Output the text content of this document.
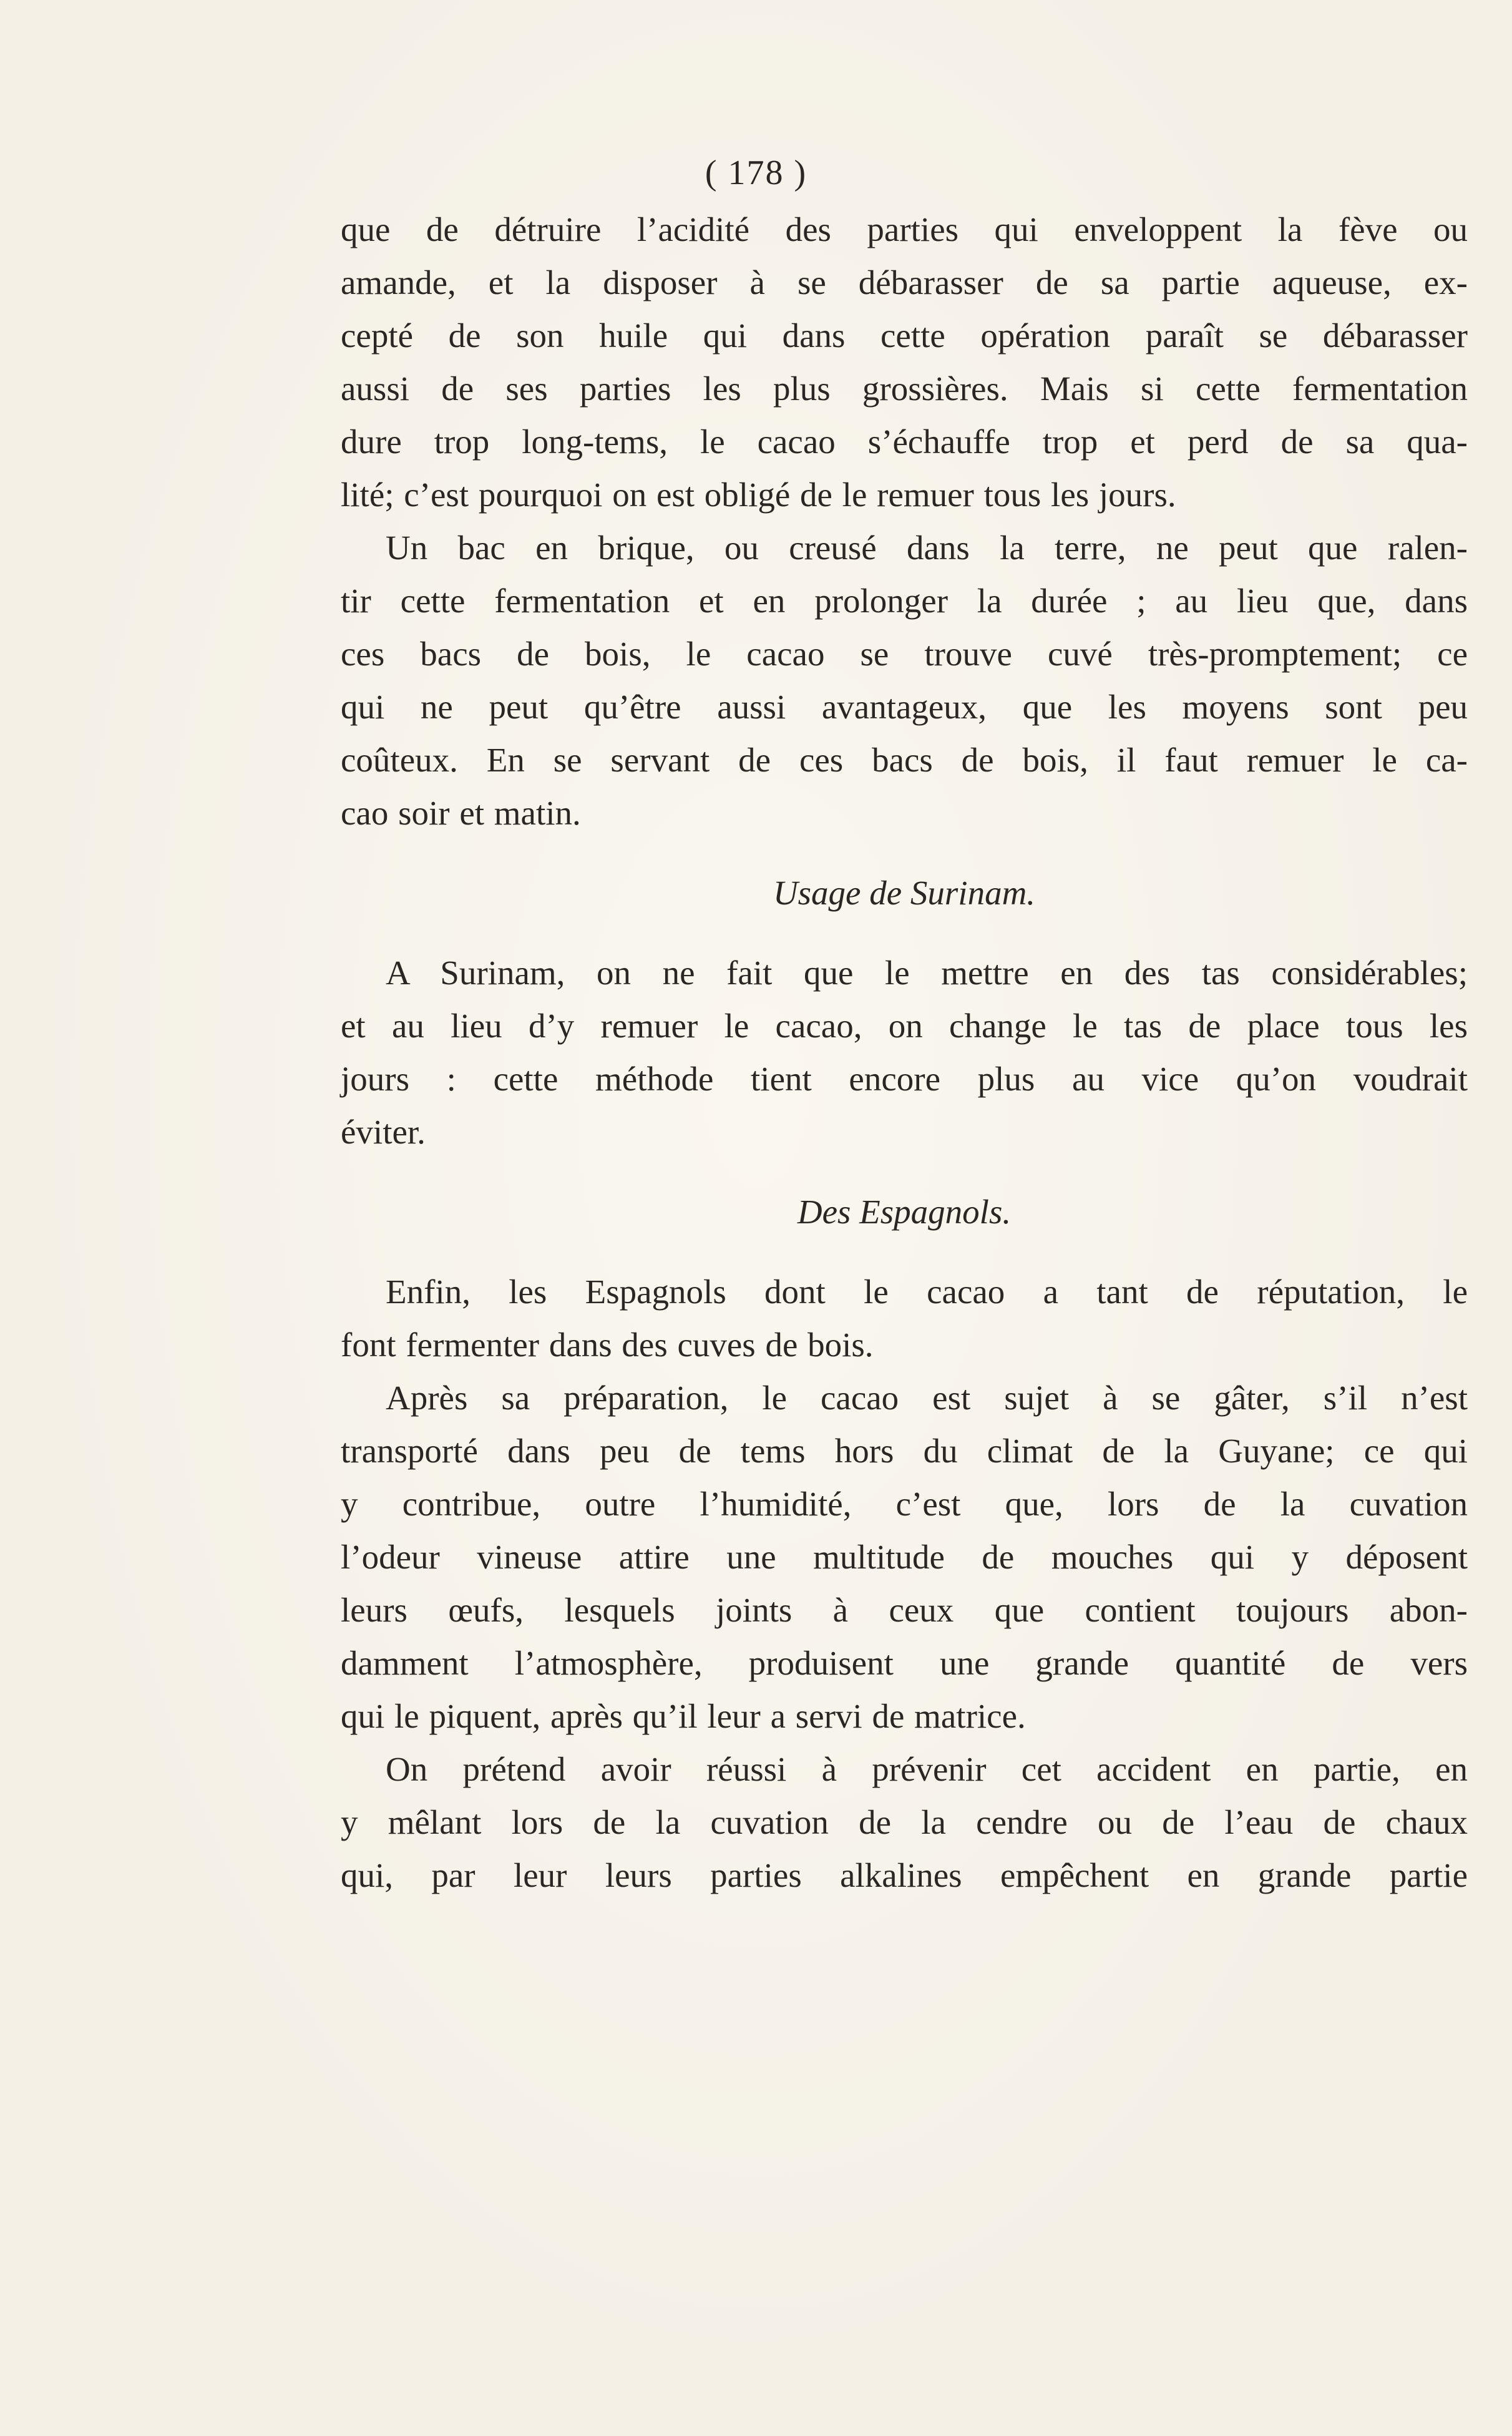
( 178 )
que de détruire l’acidité des parties qui enveloppent la fève ou
amande, et la disposer à se débarasser de sa partie aqueuse, ex-
cepté de son huile qui dans cette opération paraît se débarasser
aussi de ses parties les plus grossières. Mais si cette fermentation
dure trop long-tems, le cacao s’échauffe trop et perd de sa qua-
lité; c’est pourquoi on est obligé de le remuer tous les jours.
Un bac en brique, ou creusé dans la terre, ne peut que ralen-
tir cette fermentation et en prolonger la durée ; au lieu que, dans
ces bacs de bois, le cacao se trouve cuvé très-promptement; ce
qui ne peut qu’être aussi avantageux, que les moyens sont peu
coûteux. En se servant de ces bacs de bois, il faut remuer le ca-
cao soir et matin.
Usage de Surinam.
A Surinam, on ne fait que le mettre en des tas considérables;
et au lieu d’y remuer le cacao, on change le tas de place tous les
jours : cette méthode tient encore plus au vice qu’on voudrait
éviter.
Des Espagnols.
Enfin, les Espagnols dont le cacao a tant de réputation, le
font fermenter dans des cuves de bois.
Après sa préparation, le cacao est sujet à se gâter, s’il n’est
transporté dans peu de tems hors du climat de la Guyane; ce qui
y contribue, outre l’humidité, c’est que, lors de la cuvation
l’odeur vineuse attire une multitude de mouches qui y déposent
leurs œufs, lesquels joints à ceux que contient toujours abon-
damment l’atmosphère, produisent une grande quantité de vers
qui le piquent, après qu’il leur a servi de matrice.
On prétend avoir réussi à prévenir cet accident en partie, en
y mêlant lors de la cuvation de la cendre ou de l’eau de chaux
qui, par leur leurs parties alkalines empêchent en grande partie
